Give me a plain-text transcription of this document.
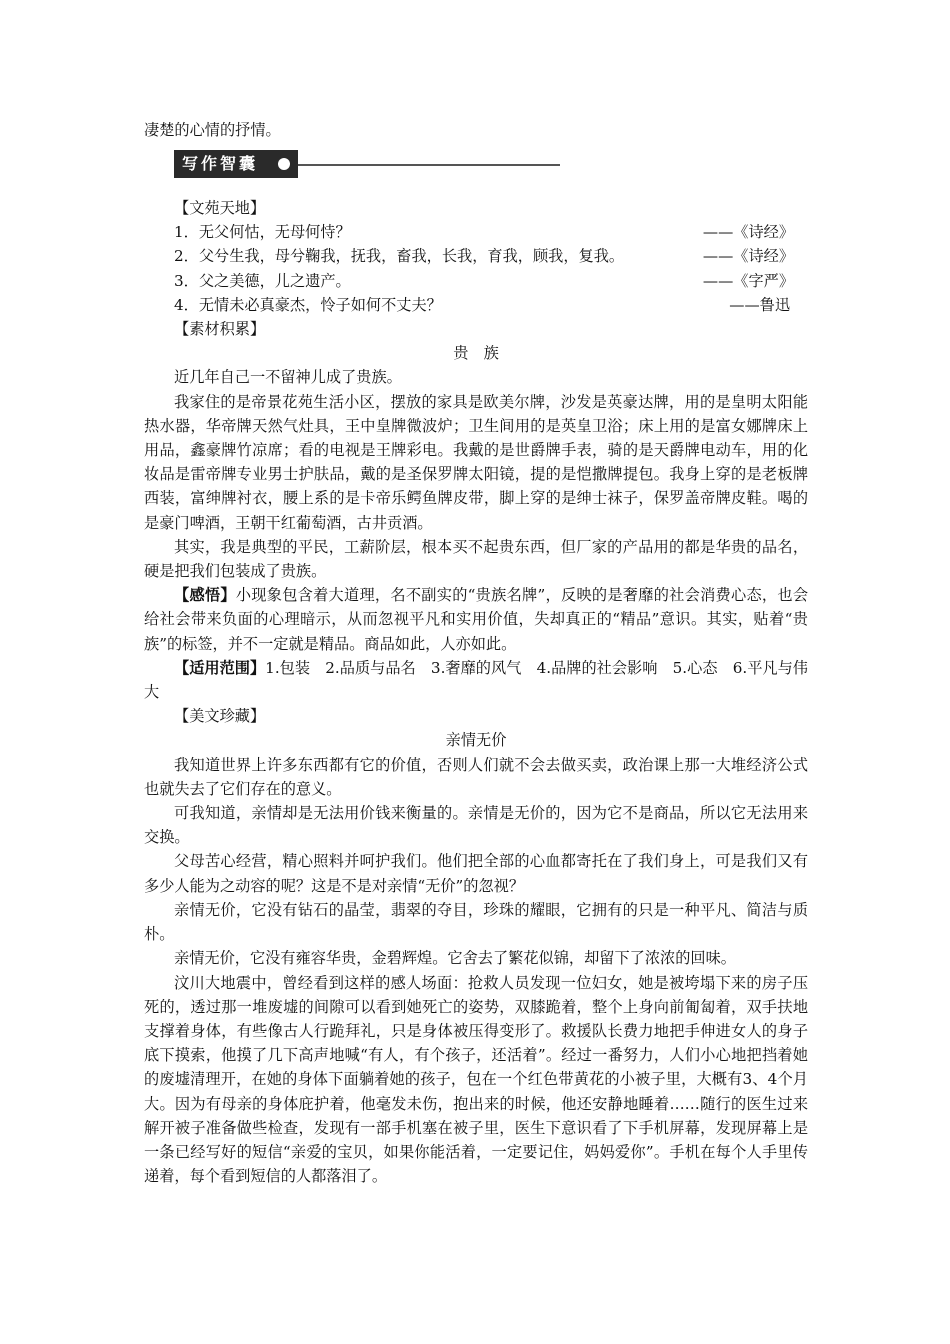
写作智囊
凄楚的心情的抒情。
【文苑天地】
1．无父何怙，无母何恃？	——《诗经》
2．父兮生我，母兮鞠我，抚我，畜我，长我，育我，顾我，复我。	——《诗经》
3．父之美德，儿之遗产。	——《字严》
4．无情未必真豪杰，怜子如何不丈夫？	——鲁迅
【素材积累】
贵　族

近几年自己一不留神儿成了贵族。

我家住的是帝景花苑生活小区，摆放的家具是欧美尔牌，沙发是英豪达牌，用的是皇明太阳能热水器，华帝牌天然气灶具，王中皇牌微波炉；卫生间用的是英皇卫浴；床上用的是富女娜牌床上用品，鑫豪牌竹凉席；看的电视是王牌彩电。我戴的是世爵牌手表，骑的是天爵牌电动车，用的化妆品是雷帝牌专业男士护肤品，戴的是圣保罗牌太阳镜，提的是恺撒牌提包。我身上穿的是老板牌西装，富绅牌衬衣，腰上系的是卡帝乐鳄鱼牌皮带，脚上穿的是绅士袜子，保罗盖帝牌皮鞋。喝的是豪门啤酒，王朝干红葡萄酒，古井贡酒。

其实，我是典型的平民，工薪阶层，根本买不起贵东西，但厂家的产品用的都是华贵的品名，硬是把我们包装成了贵族。

【感悟】小现象包含着大道理，名不副实的“贵族名牌”，反映的是奢靡的社会消费心态，也会给社会带来负面的心理暗示，从而忽视平凡和实用价值，失却真正的“精品”意识。其实，贴着“贵族”的标签，并不一定就是精品。商品如此，人亦如此。

【适用范围】1.包装　2.品质与品名　3.奢靡的风气　4.品牌的社会影响　5.心态　6.平凡与伟大

【美文珍藏】
亲情无价

我知道世界上许多东西都有它的价值，否则人们就不会去做买卖，政治课上那一大堆经济公式也就失去了它们存在的意义。

可我知道，亲情却是无法用价钱来衡量的。亲情是无价的，因为它不是商品，所以它无法用来交换。

父母苦心经营，精心照料并呵护我们。他们把全部的心血都寄托在了我们身上，可是我们又有多少人能为之动容的呢？这是不是对亲情“无价”的忽视？

亲情无价，它没有钻石的晶莹，翡翠的夺目，珍珠的耀眼，它拥有的只是一种平凡、简洁与质朴。

亲情无价，它没有雍容华贵，金碧辉煌。它舍去了繁花似锦，却留下了浓浓的回味。

汶川大地震中，曾经看到这样的感人场面：抢救人员发现一位妇女，她是被垮塌下来的房子压死的，透过那一堆废墟的间隙可以看到她死亡的姿势，双膝跪着，整个上身向前匍匐着，双手扶地支撑着身体，有些像古人行跪拜礼，只是身体被压得变形了。救援队长费力地把手伸进女人的身子底下摸索，他摸了几下高声地喊“有人，有个孩子，还活着”。经过一番努力，人们小心地把挡着她的废墟清理开，在她的身体下面躺着她的孩子，包在一个红色带黄花的小被子里，大概有3、4个月大。因为有母亲的身体庇护着，他毫发未伤，抱出来的时候，他还安静地睡着……随行的医生过来解开被子准备做些检查，发现有一部手机塞在被子里，医生下意识看了下手机屏幕，发现屏幕上是一条已经写好的短信“亲爱的宝贝，如果你能活着，一定要记住，妈妈爱你”。手机在每个人手里传递着，每个看到短信的人都落泪了。
